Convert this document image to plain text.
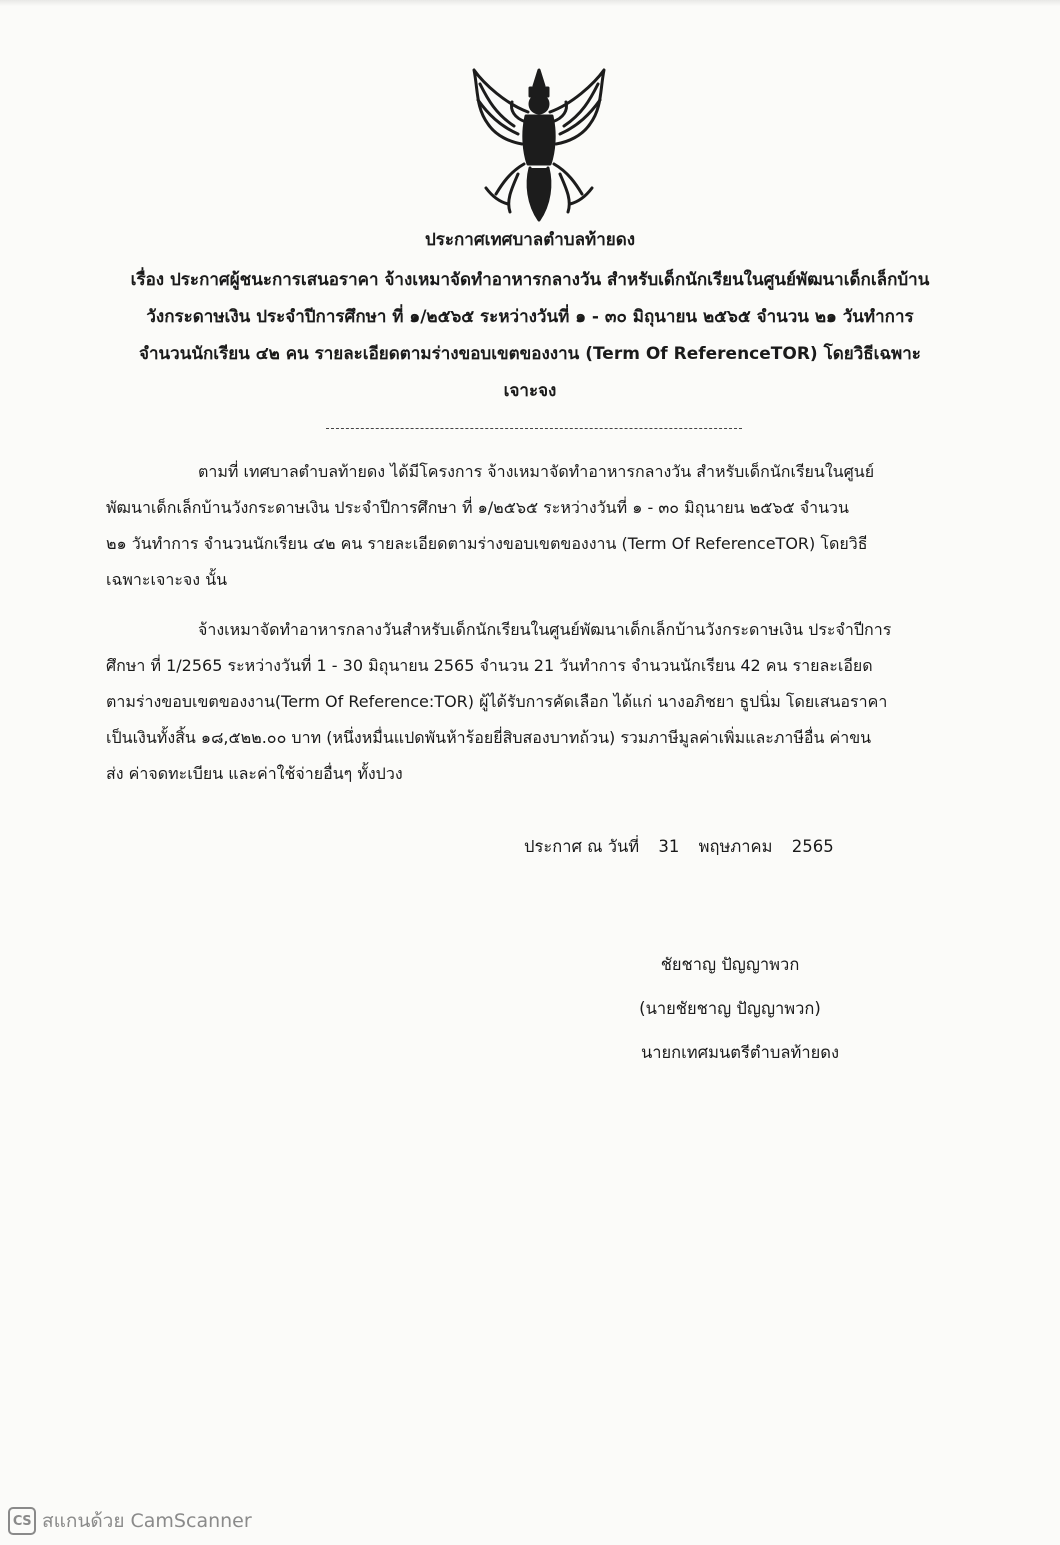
ประกาศเทศบาลตำบลท้ายดง
เรื่อง ประกาศผู้ชนะการเสนอราคา จ้างเหมาจัดทำอาหารกลางวัน สำหรับเด็กนักเรียนในศูนย์พัฒนาเด็กเล็กบ้าน
วังกระดาษเงิน ประจำปีการศึกษา ที่ ๑/๒๕๖๕ ระหว่างวันที่ ๑ - ๓๐ มิถุนายน ๒๕๖๕ จำนวน ๒๑ วันทำการ
จำนวนนักเรียน ๔๒ คน รายละเอียดตามร่างขอบเขตของงาน (Term Of ReferenceTOR) โดยวิธีเฉพาะ
เจาะจง
ตามที่ เทศบาลตำบลท้ายดง ได้มีโครงการ จ้างเหมาจัดทำอาหารกลางวัน สำหรับเด็กนักเรียนในศูนย์
พัฒนาเด็กเล็กบ้านวังกระดาษเงิน ประจำปีการศึกษา ที่ ๑/๒๕๖๕ ระหว่างวันที่ ๑ - ๓๐ มิถุนายน ๒๕๖๕ จำนวน
๒๑ วันทำการ จำนวนนักเรียน ๔๒ คน รายละเอียดตามร่างขอบเขตของงาน (Term Of ReferenceTOR) โดยวิธี
เฉพาะเจาะจง นั้น
จ้างเหมาจัดทำอาหารกลางวันสำหรับเด็กนักเรียนในศูนย์พัฒนาเด็กเล็กบ้านวังกระดาษเงิน ประจำปีการ
ศึกษา ที่ 1/2565 ระหว่างวันที่ 1 - 30 มิถุนายน 2565 จำนวน 21 วันทำการ จำนวนนักเรียน 42 คน รายละเอียด
ตามร่างขอบเขตของงาน(Term Of Reference:TOR) ผู้ได้รับการคัดเลือก ได้แก่ นางอภิชยา ธูปนิ่ม โดยเสนอราคา
เป็นเงินทั้งสิ้น ๑๘,๕๒๒.๐๐ บาท (หนึ่งหมื่นแปดพันห้าร้อยยี่สิบสองบาทถ้วน) รวมภาษีมูลค่าเพิ่มและภาษีอื่น ค่าขน
ส่ง ค่าจดทะเบียน และค่าใช้จ่ายอื่นๆ ทั้งปวง
ประกาศ ณ วันที่ 31 พฤษภาคม 2565
ชัยชาญ ปัญญาพวก
(นายชัยชาญ ปัญญาพวก)
นายกเทศมนตรีตำบลท้ายดง
CS สแกนด้วย CamScanner
